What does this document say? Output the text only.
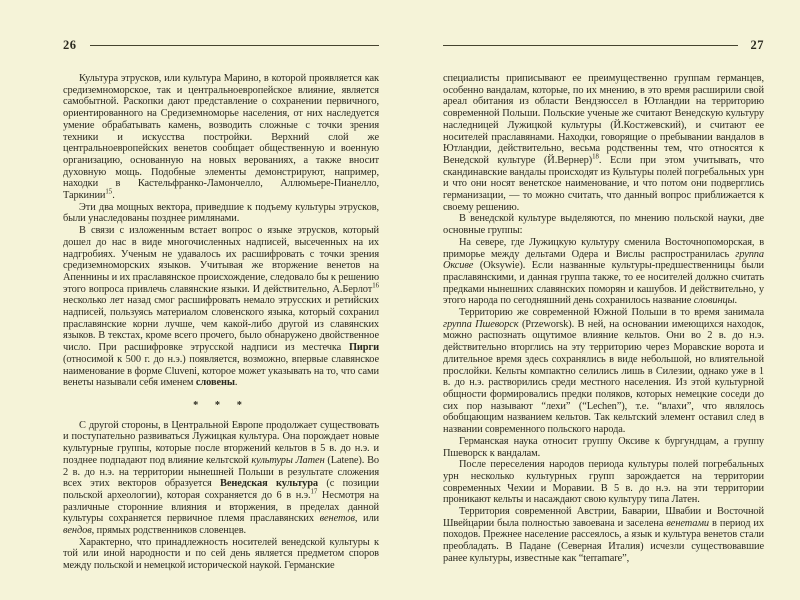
26

Культура этрусков, или культура Марино, в которой проявляется как средиземноморское, так и центральноевропейское влияние, является самобытной. Раскопки дают представление о сохранении первичного, ориентированного на Средиземноморье населения, от них наследуется умение обрабатывать камень, возводить сложные с точки зрения техники и искусства постройки. Верхний слой же центральноевропейских венетов сообщает общественную и военную организацию, основанную на новых верованиях, а также вносит духовную мощь. Подобные элементы демонстрируют, например, находки в Кастельфранко-Ламончелло, Аллюмьере-Пианелло, Таркинии$^{15}$.

Эти два мощных вектора, приведшие к подъему культуры этрусков, были унаследованы позднее римлянами.

В связи с изложенным встает вопрос о языке этрусков, который дошел до нас в виде многочисленных надписей, высеченных на их надгробиях. Ученым не удавалось их расшифровать с точки зрения средиземноморских языков. Учитывая же вторжение венетов на Апеннины и их праславянское происхождение, следовало бы к решению этого вопроса привлечь славянские языки. И действительно, А.Берлот$^{16}$ несколько лет назад смог расшифровать немало этрусских и ретийских надписей, пользуясь материалом словенского языка, который сохранил праславянские корни лучше, чем какой-либо другой из славянских языков. В текстах, кроме всего прочего, было обнаружено двойственное число. При расшифровке этрусской надписи из местечка Пирги (относимой к 500 г. до н.э.) появляется, возможно, впервые славянское наименование в форме Cluveni, которое может указывать на то, что сами венеты называли себя именем словены.

* * *

С другой стороны, в Центральной Европе продолжает существовать и поступательно развиваться Лужицкая культура. Она порождает новые культурные группы, которые после вторжений кельтов в 5 в. до н.э. и позднее подпадают под влияние кельтской культуры Латен (Latene). Во 2 в. до н.э. на территории нынешней Польши в результате сложения всех этих векторов образуется Венедская культура (с позиции польской археологии), которая сохраняется до 6 в н.э.$^{17}$ Несмотря на различные сторонние влияния и вторжения, в пределах данной культуры сохраняется первичное племя праславянских венетов, или вендов, прямых родственников словенцев.

Характерно, что принадлежность носителей венедской культуры к той или иной народности и по сей день является предметом споров между польской и немецкой исторической наукой. Германские

27

специалисты приписывают ее преимущественно группам германцев, особенно вандалам, которые, по их мнению, в это время расширили свой ареал обитания из области Вендзюссел в Ютландии на территорию современной Польши. Польские ученые же считают Венедскую культуру наследницей Лужицкой культуры (Й.Костжевский), и считают ее носителей праславянами. Находки, говорящие о пребывании вандалов в Ютландии, действительно, весьма родственны тем, что относятся к Венедской культуре (Й.Вернер)$^{18}$. Если при этом учитывать, что скандинавские вандалы происходят из Культуры полей погребальных урн и что они носят венетское наименование, и что потом они подверглись германизации, — то можно считать, что данный вопрос приближается к своему решению.

В венедской культуре выделяются, по мнению польской науки, две основные группы:

На севере, где Лужицкую культуру сменила Восточнопоморская, в приморье между дельтами Одера и Вислы распространилась группа Оксиве (Oksywie). Если названные культуры-предшественницы были праславянскими, и данная группа также, то ее носителей должно считать предками нынешних славянских поморян и кашубов. И действительно, у этого народа по сегодняшний день сохранилось название словинцы.

Территорию же современной Южной Польши в то время занимала группа Пшеворск (Przeworsk). В ней, на основании имеющихся находок, можно распознать ощутимое влияние кельтов. Они во 2 в. до н.э. действительно вторглись на эту территорию через Моравские ворота и длительное время здесь сохранялись в виде небольшой, но влиятельной прослойки. Кельты компактно селились лишь в Силезии, однако уже в 1 в. до н.э. растворились среди местного населения. Из этой культурной общности формировались предки поляков, которых немецкие соседи до сих пор называют “лехи” (“Lechen”), т.е. “влахи”, что являлось обобщающим названием кельтов. Так кельтский элемент оставил след в названии современного польского народа.

Германская наука относит группу Оксиве к бургундцам, а группу Пшеворск к вандалам.

После переселения народов периода культуры полей погребальных урн несколько культурных групп зарождается на территории современных Чехии и Моравии. В 5 в. до н.э. на эти территории проникают кельты и насаждают свою культуру типа Латен.

Территория современной Австрии, Баварии, Швабии и Восточной Швейцарии была полностью завоевана и заселена венетами в период их походов. Прежнее население рассеялось, а язык и культура венетов стали преобладать. В Падане (Северная Италия) исчезли существовавшие ранее культуры, известные как “terramare”,
